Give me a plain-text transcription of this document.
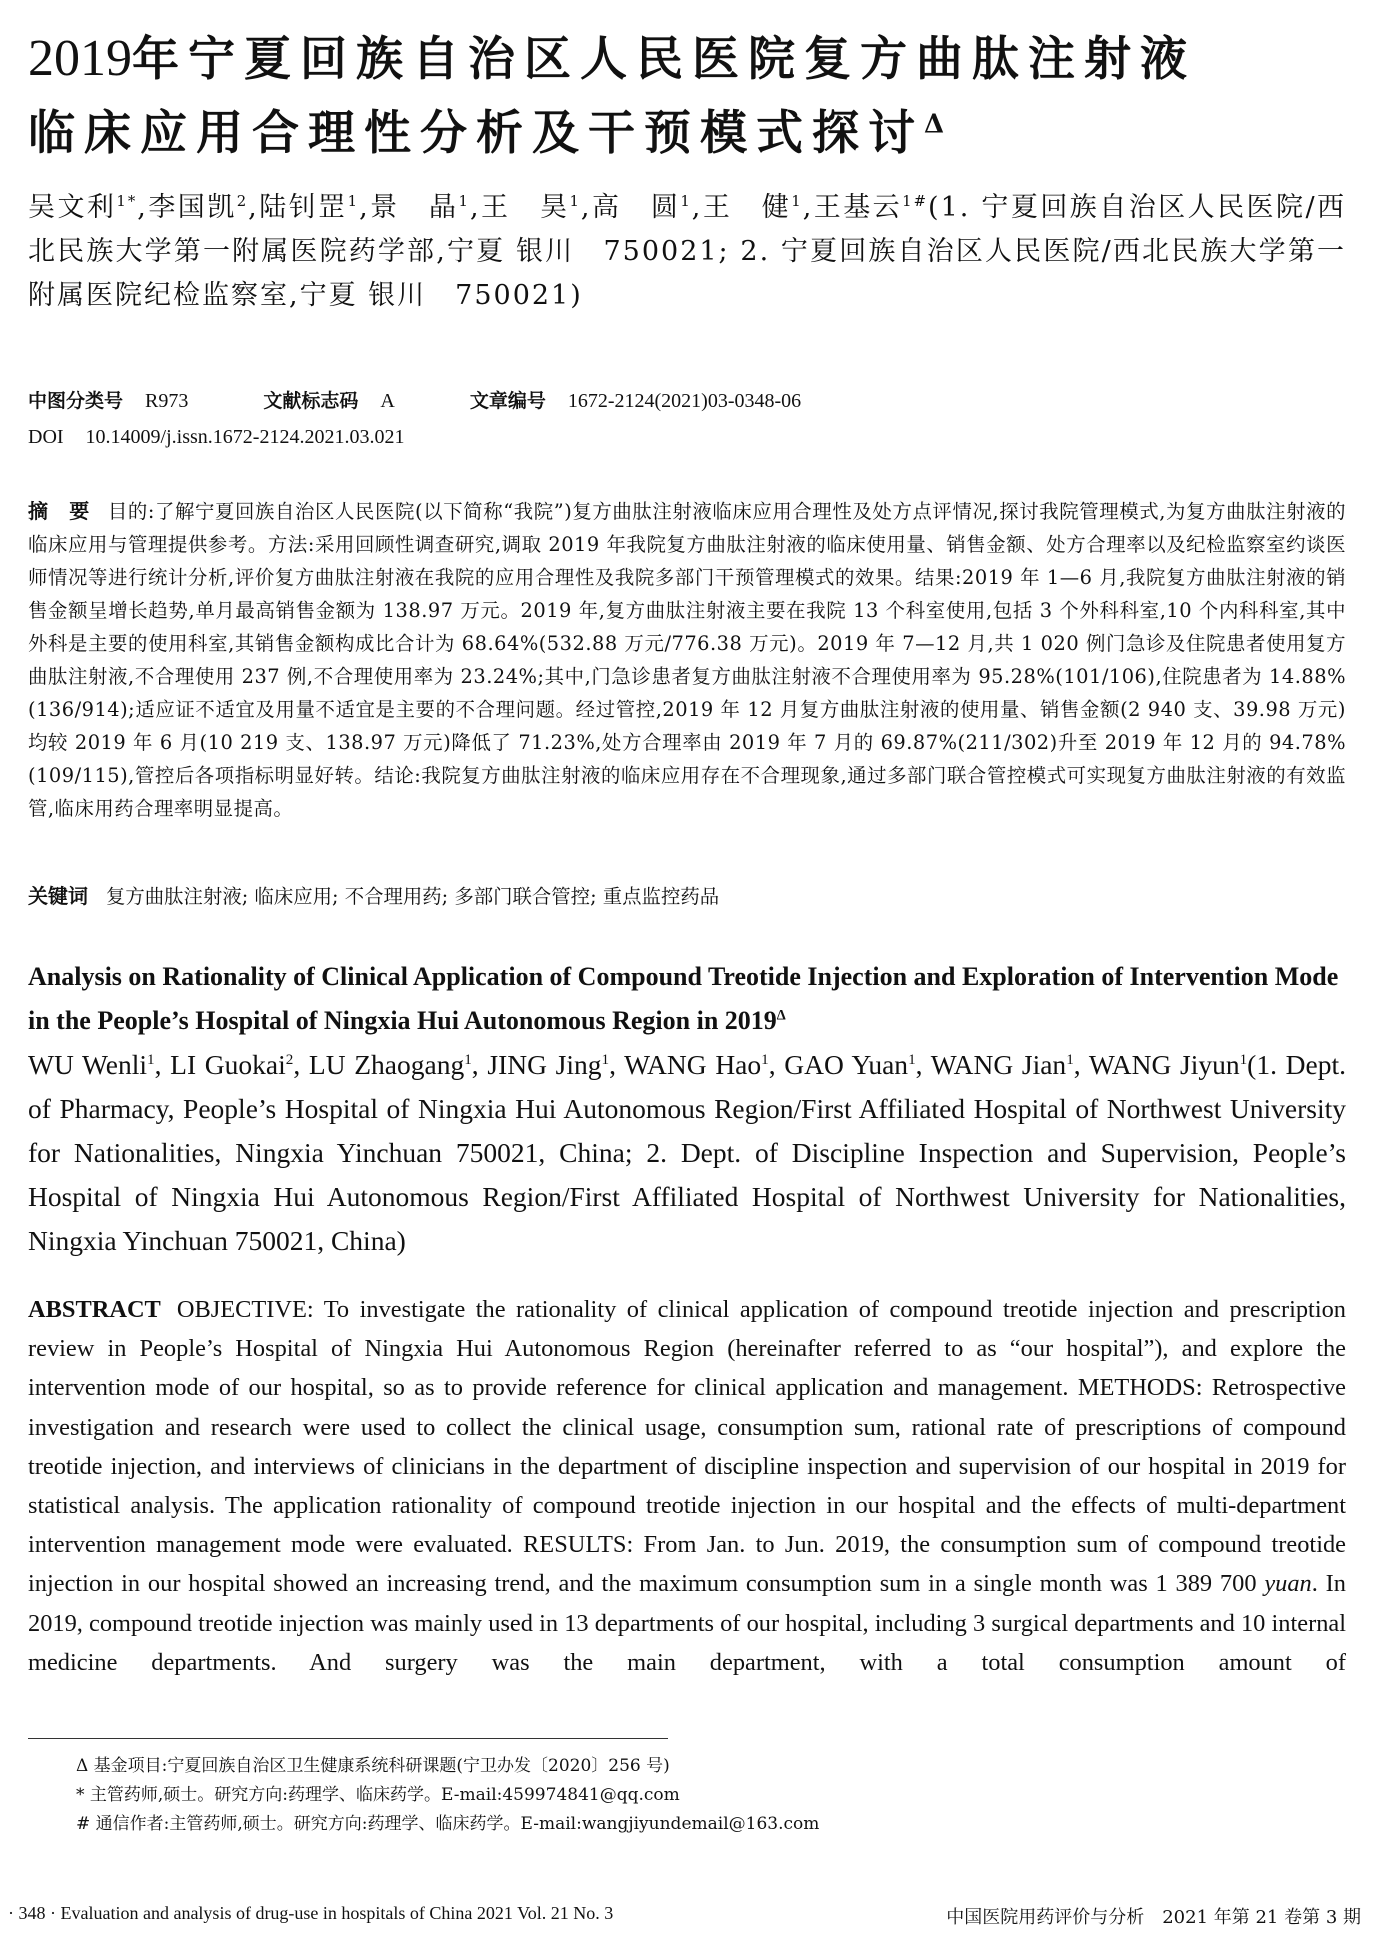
2019年宁夏回族自治区人民医院复方曲肽注射液
临床应用合理性分析及干预模式探讨$^\Delta$
吴文利$^{1*}$,李国凯$^2$,陆钊罡$^1$,景　晶$^1$,王　昊$^1$,高　圆$^1$,王　健$^1$,王基云$^{1\#}$(1. 宁夏回族自治区人民医院/西北民族大学第一附属医院药学部,宁夏 银川　750021; 2. 宁夏回族自治区人民医院/西北民族大学第一附属医院纪检监察室,宁夏 银川　750021)
中图分类号 R973	文献标志码 A	文章编号 1672-2124(2021)03-0348-06
DOI 10.14009/j.issn.1672-2124.2021.03.021
摘　要 目的:了解宁夏回族自治区人民医院(以下简称“我院”)复方曲肽注射液临床应用合理性及处方点评情况,探讨我院管理模式,为复方曲肽注射液的临床应用与管理提供参考。方法:采用回顾性调查研究,调取 2019 年我院复方曲肽注射液的临床使用量、销售金额、处方合理率以及纪检监察室约谈医师情况等进行统计分析,评价复方曲肽注射液在我院的应用合理性及我院多部门干预管理模式的效果。结果:2019 年 1—6 月,我院复方曲肽注射液的销售金额呈增长趋势,单月最高销售金额为 138.97 万元。2019 年,复方曲肽注射液主要在我院 13 个科室使用,包括 3 个外科科室,10 个内科科室,其中外科是主要的使用科室,其销售金额构成比合计为 68.64%(532.88 万元/776.38 万元)。2019 年 7—12 月,共 1 020 例门急诊及住院患者使用复方曲肽注射液,不合理使用 237 例,不合理使用率为 23.24%;其中,门急诊患者复方曲肽注射液不合理使用率为 95.28%(101/106),住院患者为 14.88%(136/914);适应证不适宜及用量不适宜是主要的不合理问题。经过管控,2019 年 12 月复方曲肽注射液的使用量、销售金额(2 940 支、39.98 万元)均较 2019 年 6 月(10 219 支、138.97 万元)降低了 71.23%,处方合理率由 2019 年 7 月的 69.87%(211/302)升至 2019 年 12 月的 94.78%(109/115),管控后各项指标明显好转。结论:我院复方曲肽注射液的临床应用存在不合理现象,通过多部门联合管控模式可实现复方曲肽注射液的有效监管,临床用药合理率明显提高。
关键词 复方曲肽注射液; 临床应用; 不合理用药; 多部门联合管控; 重点监控药品
Analysis on Rationality of Clinical Application of Compound Treotide Injection and Exploration of Intervention Mode in the People’s Hospital of Ningxia Hui Autonomous Region in $2019^\Delta$
WU Wenli$^1$, LI Guokai$^2$, LU Zhaogang$^1$, JING Jing$^1$, WANG Hao$^1$, GAO Yuan$^1$, WANG Jian$^1$, WANG Jiyun$^1$(1. Dept. of Pharmacy, People’s Hospital of Ningxia Hui Autonomous Region/First Affiliated Hospital of Northwest University for Nationalities, Ningxia Yinchuan 750021, China; 2. Dept. of Discipline Inspection and Supervision, People’s Hospital of Ningxia Hui Autonomous Region/First Affiliated Hospital of Northwest University for Nationalities, Ningxia Yinchuan 750021, China)
ABSTRACT OBJECTIVE: To investigate the rationality of clinical application of compound treotide injection and prescription review in People’s Hospital of Ningxia Hui Autonomous Region (hereinafter referred to as “our hospital”), and explore the intervention mode of our hospital, so as to provide reference for clinical application and management. METHODS: Retrospective investigation and research were used to collect the clinical usage, consumption sum, rational rate of prescriptions of compound treotide injection, and interviews of clinicians in the department of discipline inspection and supervision of our hospital in 2019 for statistical analysis. The application rationality of compound treotide injection in our hospital and the effects of multi-department intervention management mode were evaluated. RESULTS: From Jan. to Jun. 2019, the consumption sum of compound treotide injection in our hospital showed an increasing trend, and the maximum consumption sum in a single month was 1 389 700 yuan. In 2019, compound treotide injection was mainly used in 13 departments of our hospital, including 3 surgical departments and 10 internal medicine departments. And surgery was the main department, with a total consumption amount of
Δ 基金项目:宁夏回族自治区卫生健康系统科研课题(宁卫办发〔2020〕256 号)
* 主管药师,硕士。研究方向:药理学、临床药学。E-mail:459974841@qq.com
# 通信作者:主管药师,硕士。研究方向:药理学、临床药学。E-mail:wangjiyundemail@163.com
· 348 · Evaluation and analysis of drug-use in hospitals of China 2021 Vol. 21 No. 3	中国医院用药评价与分析　2021 年第 21 卷第 3 期
